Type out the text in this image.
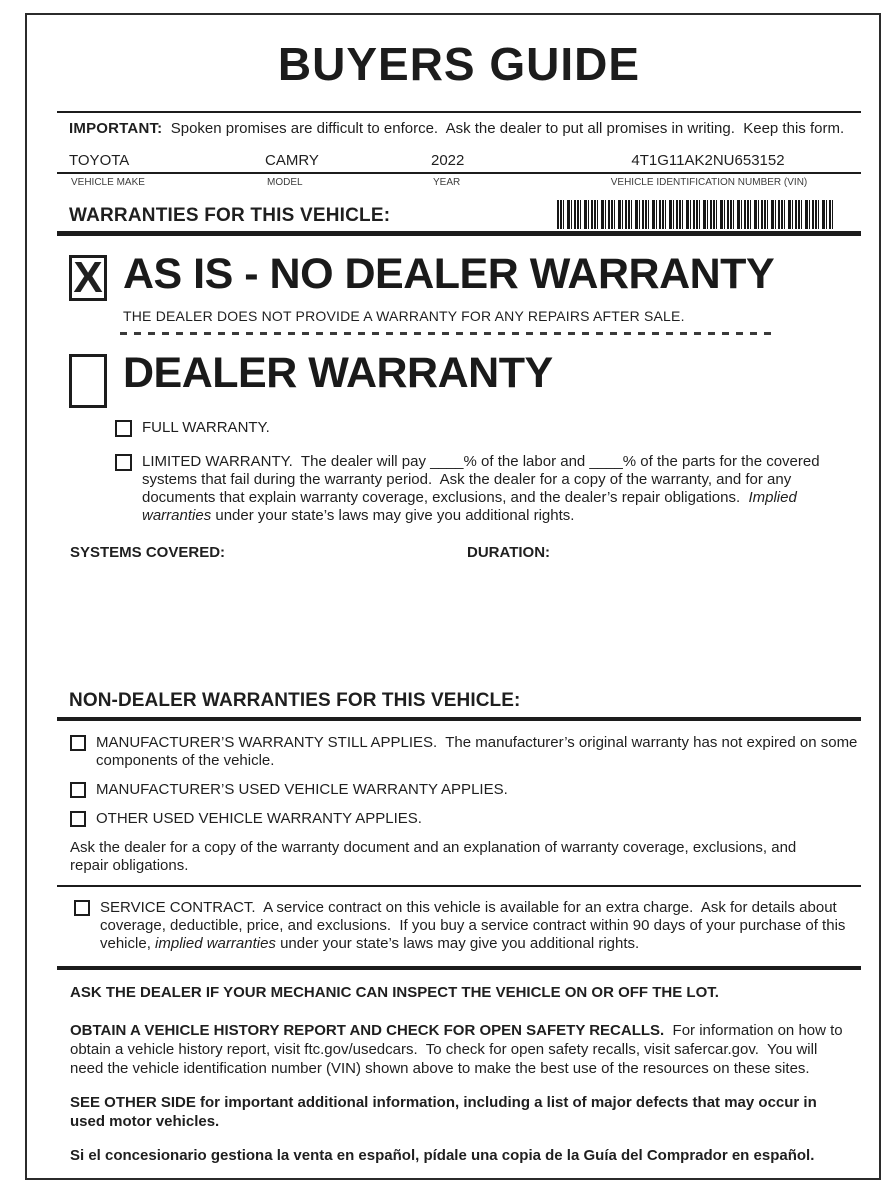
BUYERS GUIDE

IMPORTANT:  Spoken promises are difficult to enforce.  Ask the dealer to put all promises in writing.  Keep this form.

TOYOTA	CAMRY	2022	4T1G11AK2NU653152
VEHICLE MAKE	MODEL	YEAR	VEHICLE IDENTIFICATION NUMBER (VIN)
WARRANTIES FOR THIS VEHICLE:
X AS IS - NO DEALER WARRANTY
THE DEALER DOES NOT PROVIDE A WARRANTY FOR ANY REPAIRS AFTER SALE.
DEALER WARRANTY
FULL WARRANTY.
LIMITED WARRANTY.  The dealer will pay ____% of the labor and ____% of the parts for the covered systems that fail during the warranty period.  Ask the dealer for a copy of the warranty, and for any documents that explain warranty coverage, exclusions, and the dealer’s repair obligations.  Implied warranties under your state’s laws may give you additional rights.
SYSTEMS COVERED:	DURATION:
NON-DEALER WARRANTIES FOR THIS VEHICLE:
MANUFACTURER’S WARRANTY STILL APPLIES.  The manufacturer’s original warranty has not expired on some components of the vehicle.
MANUFACTURER’S USED VEHICLE WARRANTY APPLIES.
OTHER USED VEHICLE WARRANTY APPLIES.

Ask the dealer for a copy of the warranty document and an explanation of warranty coverage, exclusions, and repair obligations.

SERVICE CONTRACT.  A service contract on this vehicle is available for an extra charge.  Ask for details about coverage, deductible, price, and exclusions.  If you buy a service contract within 90 days of your purchase of this vehicle, implied warranties under your state’s laws may give you additional rights.

ASK THE DEALER IF YOUR MECHANIC CAN INSPECT THE VEHICLE ON OR OFF THE LOT.

OBTAIN A VEHICLE HISTORY REPORT AND CHECK FOR OPEN SAFETY RECALLS.  For information on how to obtain a vehicle history report, visit ftc.gov/usedcars.  To check for open safety recalls, visit safercar.gov.  You will need the vehicle identification number (VIN) shown above to make the best use of the resources on these sites.

SEE OTHER SIDE for important additional information, including a list of major defects that may occur in used motor vehicles.

Si el concesionario gestiona la venta en español, pídale una copia de la Guía del Comprador en español.
